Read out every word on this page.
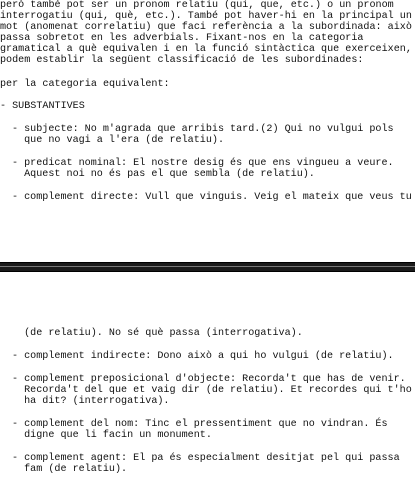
però també pot ser un pronom relatiu (qui, que, etc.) o un pronom
interrogatiu (qui, què, etc.). També pot haver-hi en la principal un
mot (anomenat correlatiu) que faci referència a la subordinada: això
passa sobretot en les adverbials. Fixant-nos en la categoria
gramatical a què equivalen i en la funció sintàctica que exerceixen,
podem establir la següent classificació de les subordinades:
per la categoria equivalent:
- SUBSTANTIVES
- subjecte: No m'agrada que arribis tard.(2) Qui no vulgui pols
que no vagi a l'era (de relatiu).
- predicat nominal: El nostre desig és que ens vingueu a veure.
Aquest noi no és pas el que sembla (de relatiu).
- complement directe: Vull que vinguis. Veig el mateix que veus tu
(de relatiu). No sé què passa (interrogativa).
- complement indirecte: Dono això a qui ho vulgui (de relatiu).
- complement preposicional d'objecte: Recorda't que has de venir.
Recorda't del que et vaig dir (de relatiu). Et recordes qui t'ho
ha dit? (interrogativa).
- complement del nom: Tinc el pressentiment que no vindran. És
digne que li facin un monument.
- complement agent: El pa és especialment desitjat pel qui passa
fam (de relatiu).
